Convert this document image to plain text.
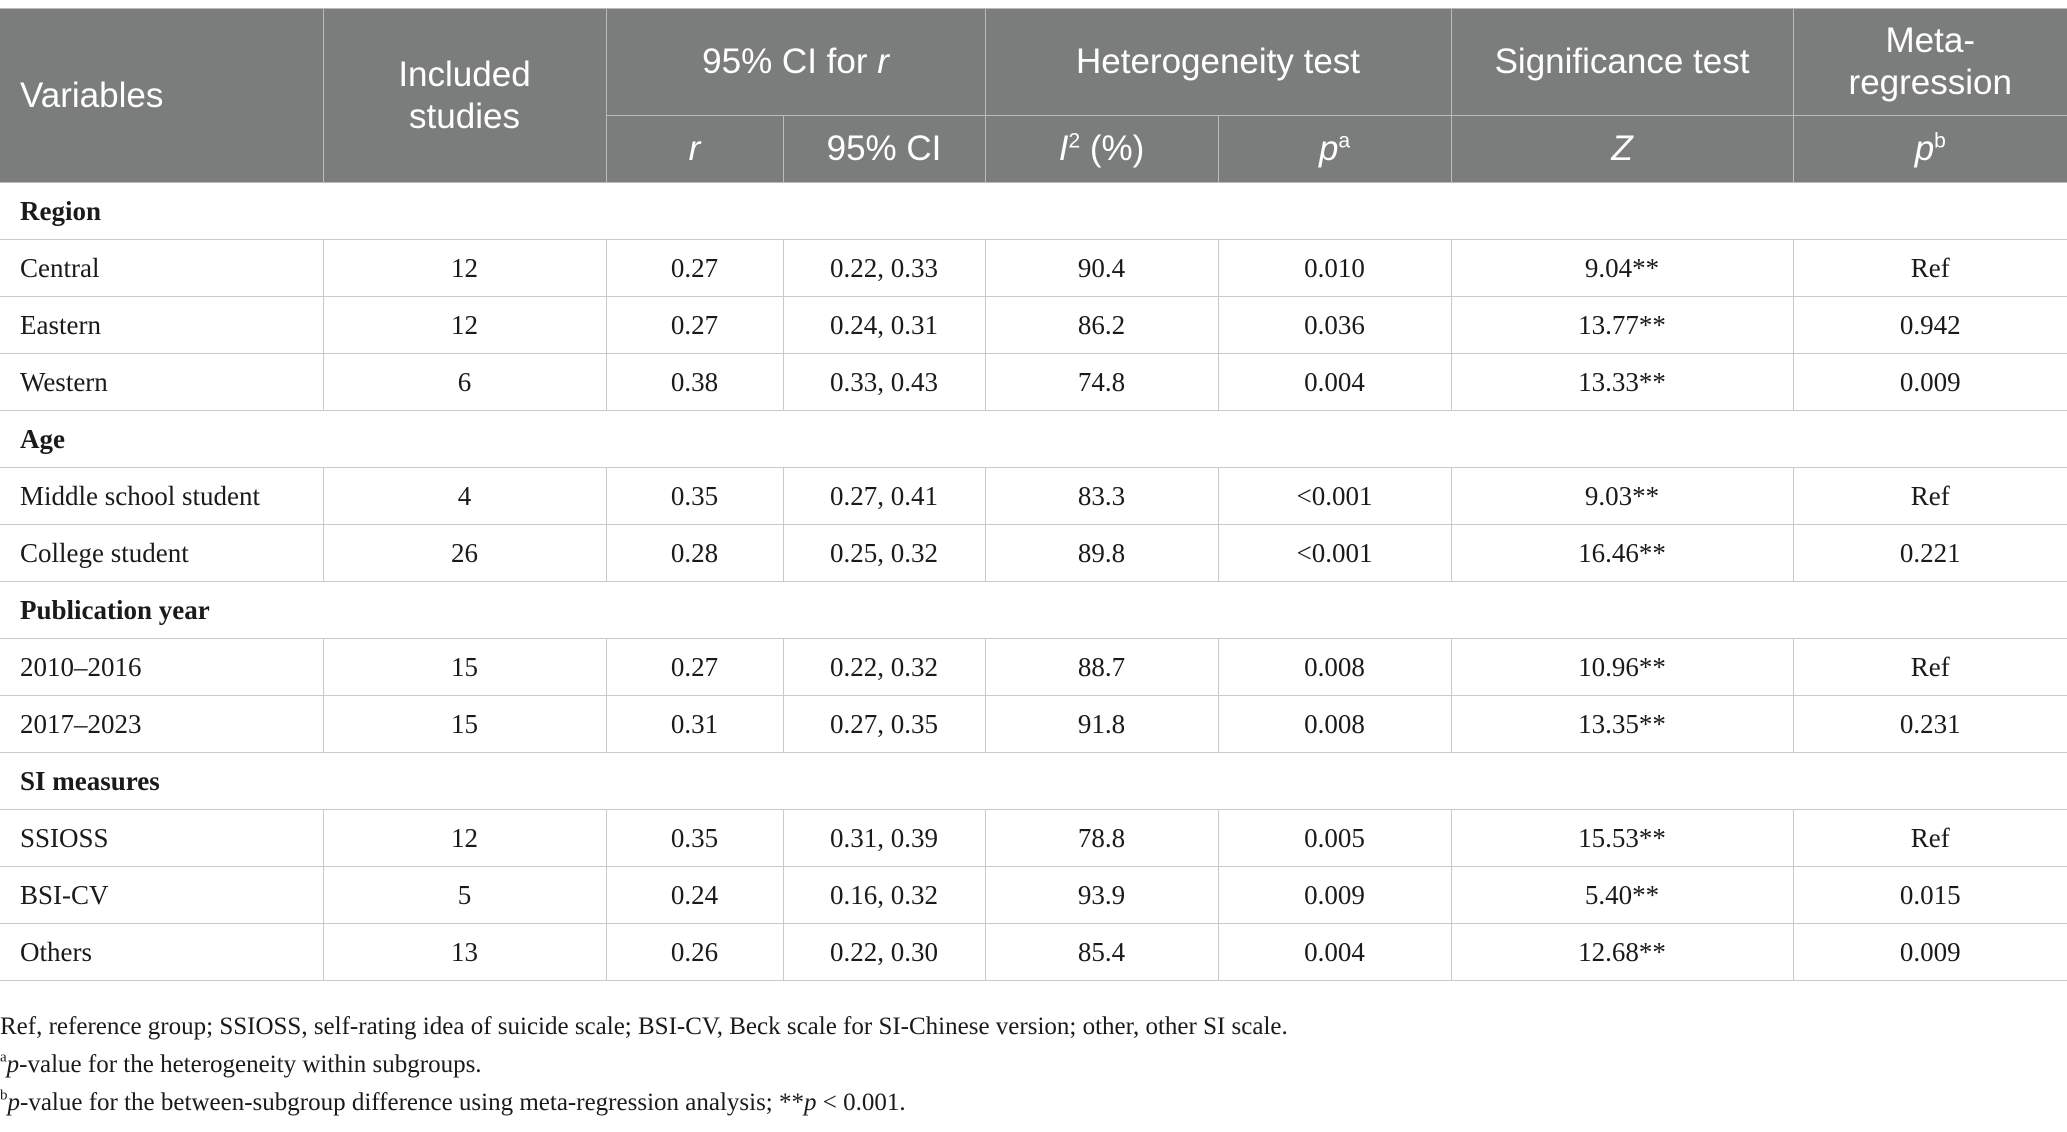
Variables	Included studies	95% CI for r		Heterogeneity test		Significance test	Meta-regression
		r	95% CI	$I^2$ (%)	$p^a$	Z	$p^b$
Region							
Central	12	0.27	0.22, 0.33	90.4	0.010	9.04**	Ref
Eastern	12	0.27	0.24, 0.31	86.2	0.036	13.77**	0.942
Western	6	0.38	0.33, 0.43	74.8	0.004	13.33**	0.009
Age							
Middle school student	4	0.35	0.27, 0.41	83.3	<0.001	9.03**	Ref
College student	26	0.28	0.25, 0.32	89.8	<0.001	16.46**	0.221
Publication year							
2010–2016	15	0.27	0.22, 0.32	88.7	0.008	10.96**	Ref
2017–2023	15	0.31	0.27, 0.35	91.8	0.008	13.35**	0.231
SI measures							
SSIOSS	12	0.35	0.31, 0.39	78.8	0.005	15.53**	Ref
BSI-CV	5	0.24	0.16, 0.32	93.9	0.009	5.40**	0.015
Others	13	0.26	0.22, 0.30	85.4	0.004	12.68**	0.009
Ref, reference group; SSIOSS, self-rating idea of suicide scale; BSI-CV, Beck scale for SI-Chinese version; other, other SI scale.
$^a$p-value for the heterogeneity within subgroups.
$^b$p-value for the between-subgroup difference using meta-regression analysis; **p < 0.001.
